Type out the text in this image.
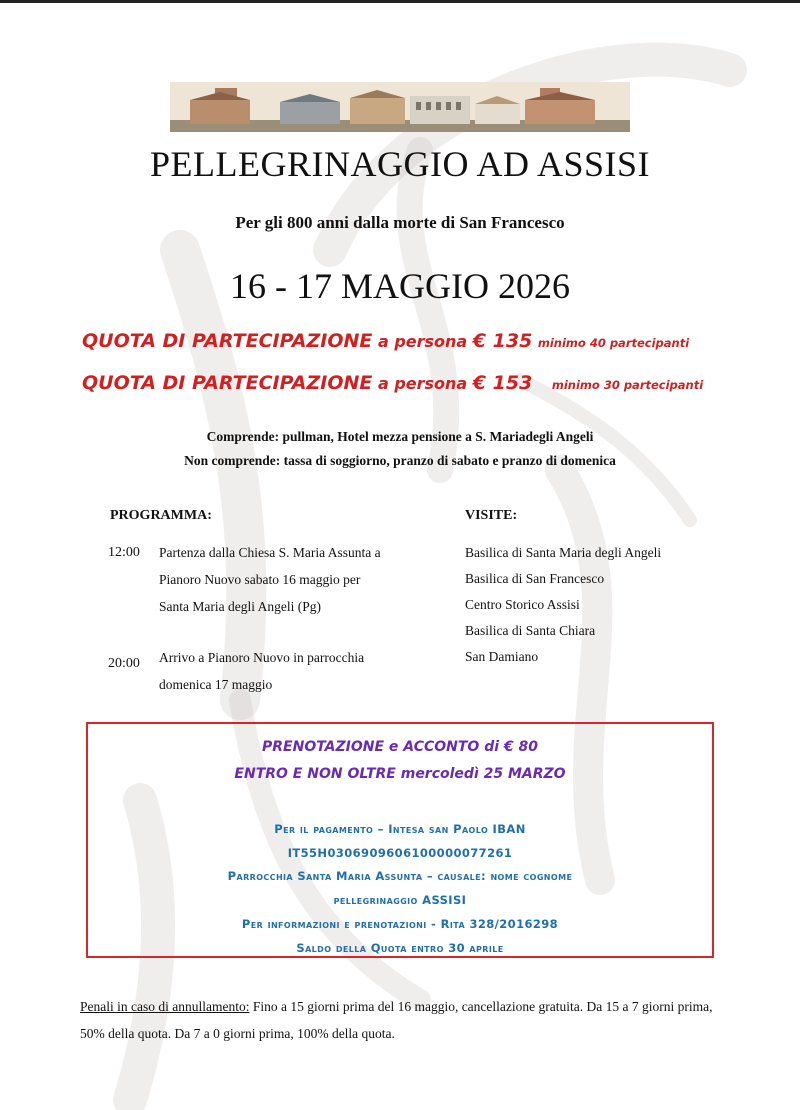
PELLEGRINAGGIO AD ASSISI
Per gli 800 anni dalla morte di San Francesco
16 - 17 MAGGIO 2026
QUOTA DI PARTECIPAZIONE a persona € 135 minimo 40 partecipanti
QUOTA DI PARTECIPAZIONE a persona € 153 minimo 30 partecipanti
Comprende: pullman, Hotel mezza pensione a S. Mariadegli Angeli
Non comprende: tassa di soggiorno, pranzo di sabato e pranzo di domenica
PROGRAMMA:	VISITE:
12:00 Partenza dalla Chiesa S. Maria Assunta a
Pianoro Nuovo sabato 16 maggio per
Santa Maria degli Angeli (Pg)
20:00 Arrivo a Pianoro Nuovo in parrocchia
domenica 17 maggio
Basilica di Santa Maria degli Angeli
Basilica di San Francesco
Centro Storico Assisi
Basilica di Santa Chiara
San Damiano
PRENOTAZIONE e ACCONTO di € 80
ENTRO E NON OLTRE mercoledì 25 MARZO
Per il pagamento – Intesa san Paolo IBAN
IT55H0306909606100000077261
Parrocchia Santa Maria Assunta – causale: nome cognome
pellegrinaggio ASSISI
Per informazioni e prenotazioni - Rita 328/2016298
Saldo della Quota entro 30 aprile
Penali in caso di annullamento: Fino a 15 giorni prima del 16 maggio, cancellazione gratuita. Da 15 a 7 giorni prima, 50% della quota. Da 7 a 0 giorni prima, 100% della quota.
